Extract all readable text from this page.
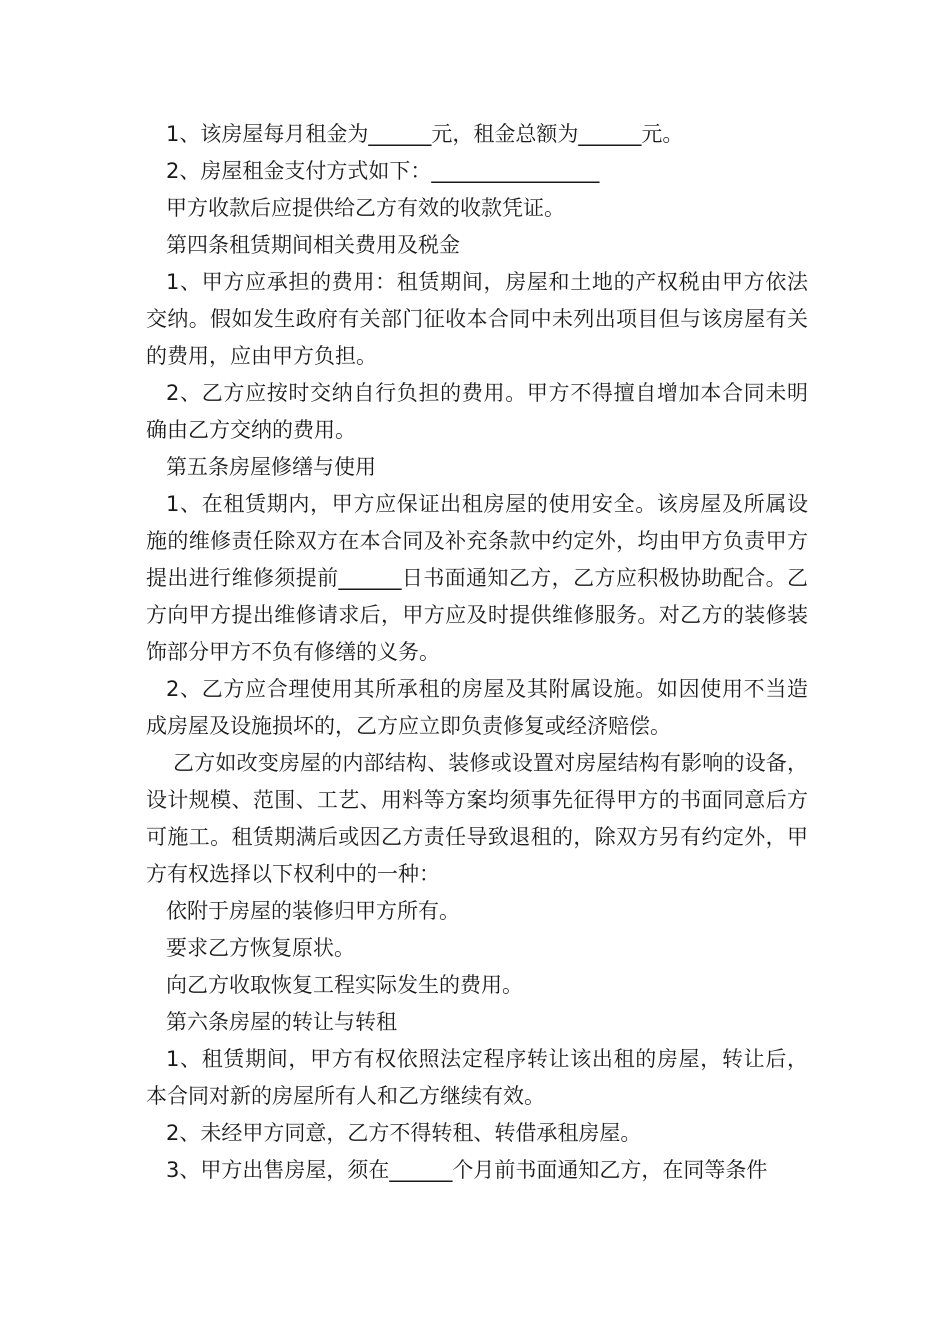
1、该房屋每月租金为______元，租金总额为______元。

2、房屋租金支付方式如下：________________

甲方收款后应提供给乙方有效的收款凭证。

第四条租赁期间相关费用及税金

1、甲方应承担的费用：租赁期间，房屋和土地的产权税由甲方依法交纳。假如发生政府有关部门征收本合同中未列出项目但与该房屋有关的费用，应由甲方负担。

2、乙方应按时交纳自行负担的费用。甲方不得擅自增加本合同未明确由乙方交纳的费用。

第五条房屋修缮与使用

1、在租赁期内，甲方应保证出租房屋的使用安全。该房屋及所属设施的维修责任除双方在本合同及补充条款中约定外，均由甲方负责甲方提出进行维修须提前______日书面通知乙方，乙方应积极协助配合。乙方向甲方提出维修请求后，甲方应及时提供维修服务。对乙方的装修装饰部分甲方不负有修缮的义务。

2、乙方应合理使用其所承租的房屋及其附属设施。如因使用不当造成房屋及设施损坏的，乙方应立即负责修复或经济赔偿。

乙方如改变房屋的内部结构、装修或设置对房屋结构有影响的设备，设计规模、范围、工艺、用料等方案均须事先征得甲方的书面同意后方可施工。租赁期满后或因乙方责任导致退租的，除双方另有约定外，甲方有权选择以下权利中的一种：

依附于房屋的装修归甲方所有。

要求乙方恢复原状。

向乙方收取恢复工程实际发生的费用。

第六条房屋的转让与转租

1、租赁期间，甲方有权依照法定程序转让该出租的房屋，转让后，本合同对新的房屋所有人和乙方继续有效。

2、未经甲方同意，乙方不得转租、转借承租房屋。

3、甲方出售房屋，须在______个月前书面通知乙方，在同等条件
